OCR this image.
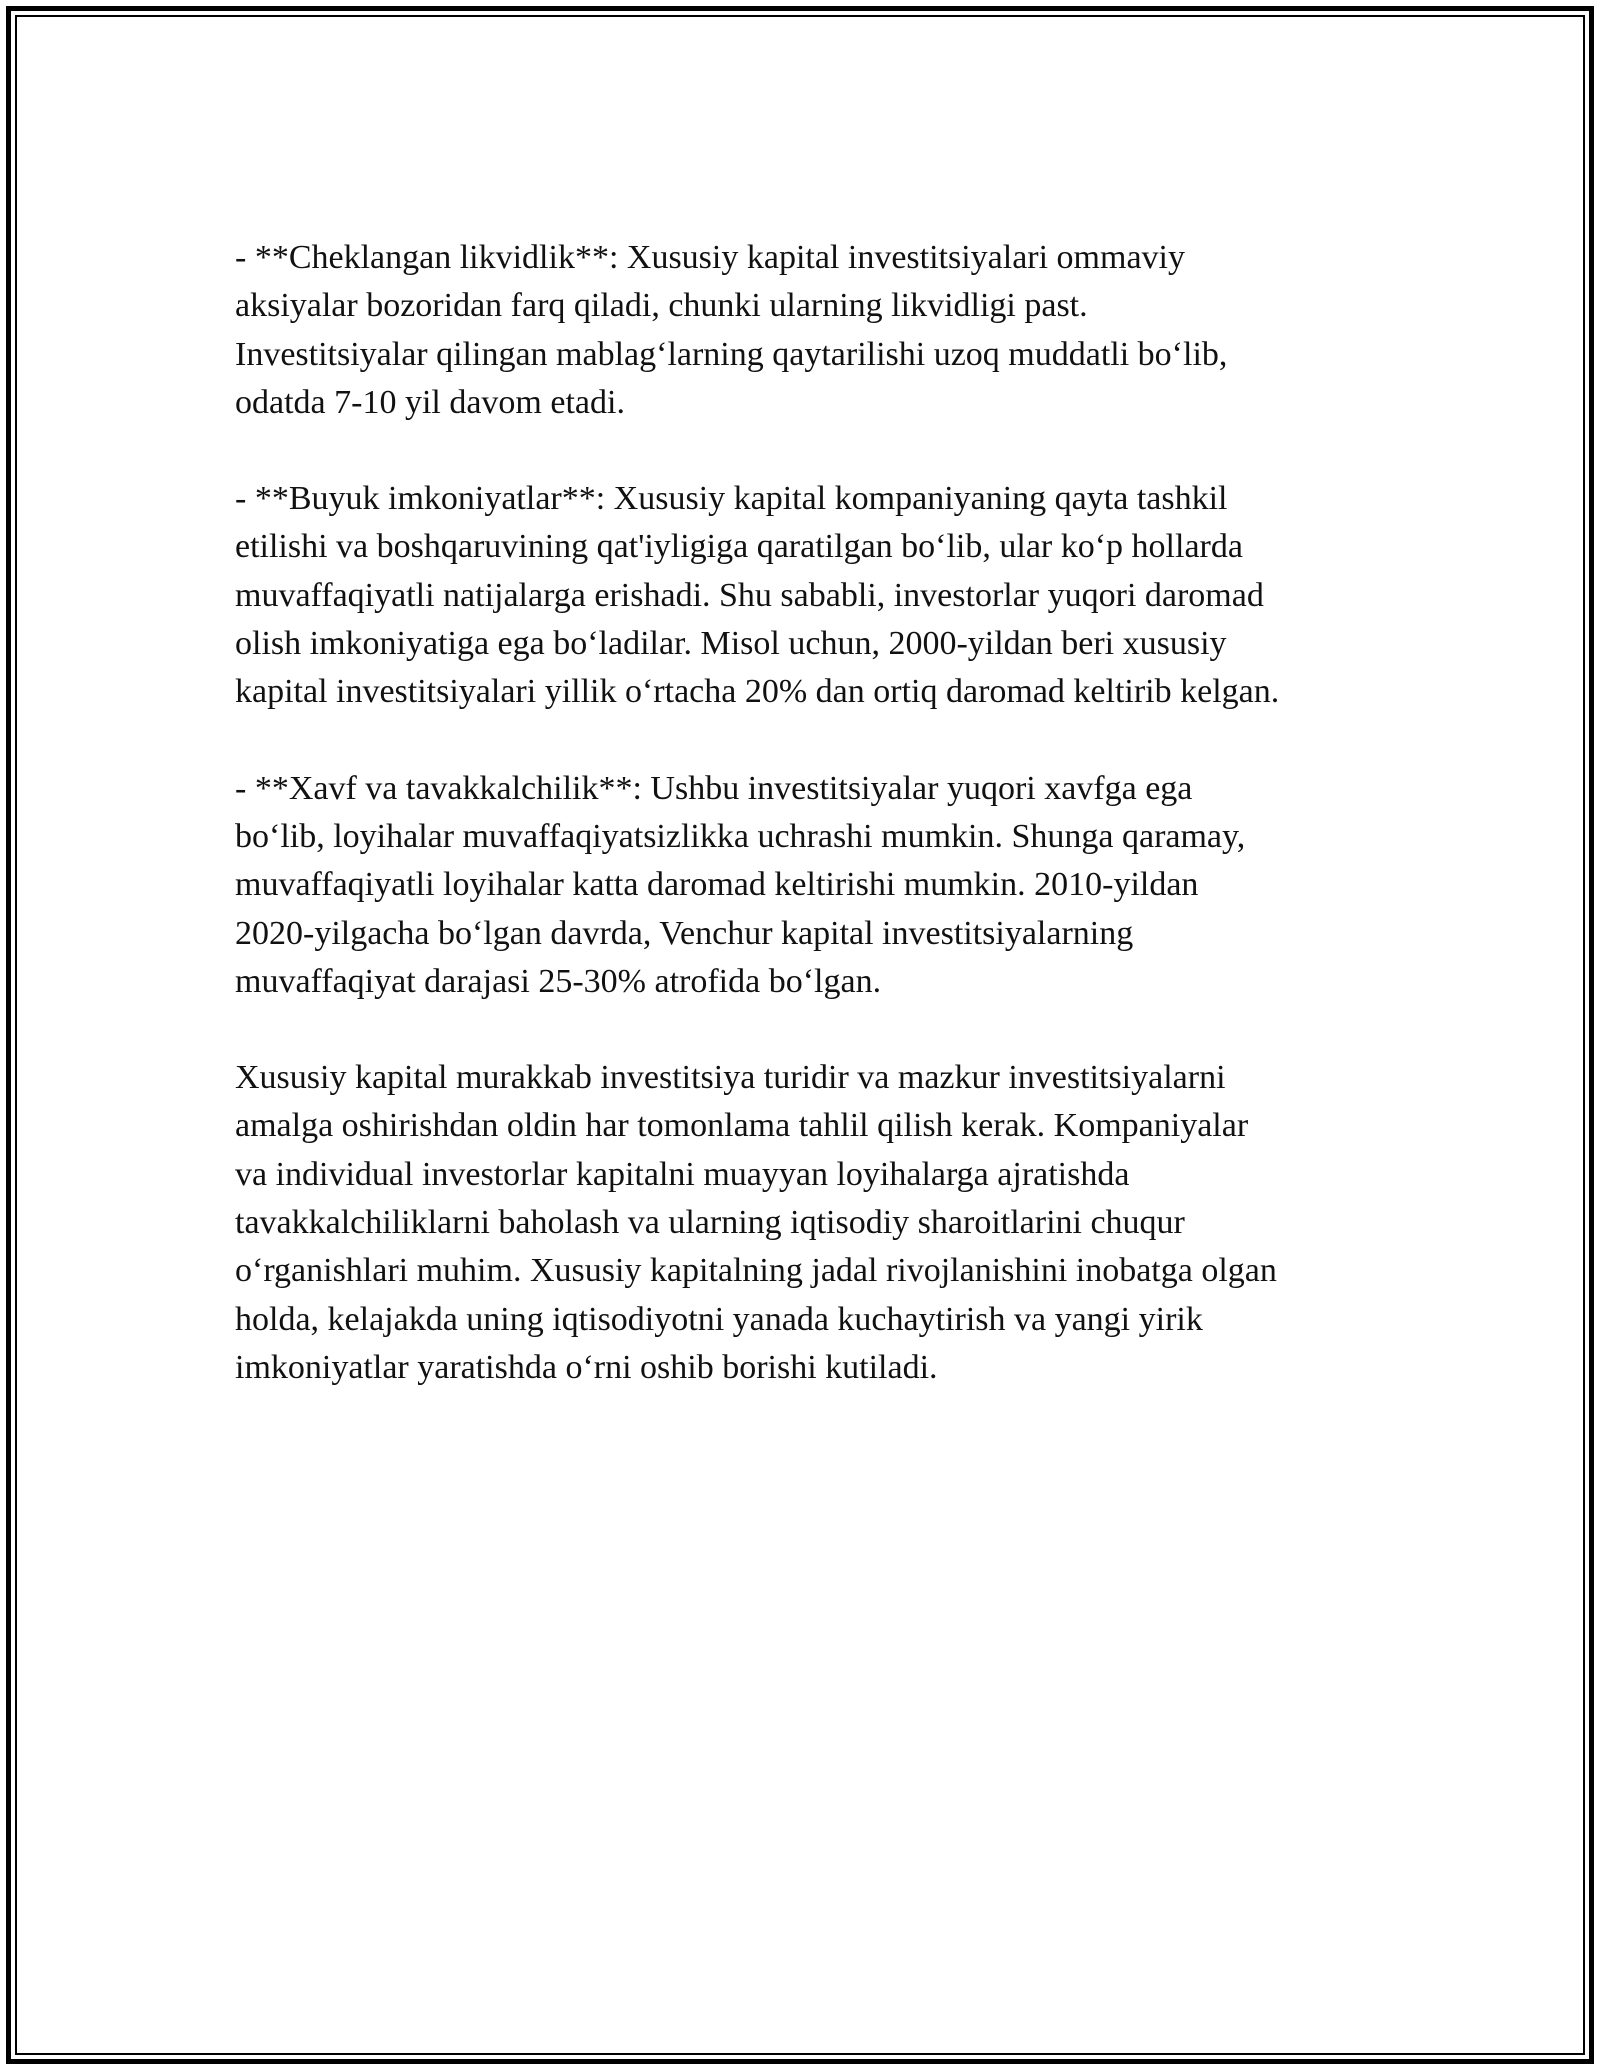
- **Cheklangan likvidlik**: Xususiy kapital investitsiyalari ommaviy
aksiyalar bozoridan farq qiladi, chunki ularning likvidligi past.
Investitsiyalar qilingan mablag‘larning qaytarilishi uzoq muddatli bo‘lib,
odatda 7-10 yil davom etadi.

- **Buyuk imkoniyatlar**: Xususiy kapital kompaniyaning qayta tashkil
etilishi va boshqaruvining qat'iyligiga qaratilgan bo‘lib, ular ko‘p hollarda
muvaffaqiyatli natijalarga erishadi. Shu sababli, investorlar yuqori daromad
olish imkoniyatiga ega bo‘ladilar. Misol uchun, 2000-yildan beri xususiy
kapital investitsiyalari yillik o‘rtacha 20% dan ortiq daromad keltirib kelgan.

- **Xavf va tavakkalchilik**: Ushbu investitsiyalar yuqori xavfga ega
bo‘lib, loyihalar muvaffaqiyatsizlikka uchrashi mumkin. Shunga qaramay,
muvaffaqiyatli loyihalar katta daromad keltirishi mumkin. 2010-yildan
2020-yilgacha bo‘lgan davrda, Venchur kapital investitsiyalarning
muvaffaqiyat darajasi 25-30% atrofida bo‘lgan.

Xususiy kapital murakkab investitsiya turidir va mazkur investitsiyalarni
amalga oshirishdan oldin har tomonlama tahlil qilish kerak. Kompaniyalar
va individual investorlar kapitalni muayyan loyihalarga ajratishda
tavakkalchiliklarni baholash va ularning iqtisodiy sharoitlarini chuqur
o‘rganishlari muhim. Xususiy kapitalning jadal rivojlanishini inobatga olgan
holda, kelajakda uning iqtisodiyotni yanada kuchaytirish va yangi yirik
imkoniyatlar yaratishda o‘rni oshib borishi kutiladi.
